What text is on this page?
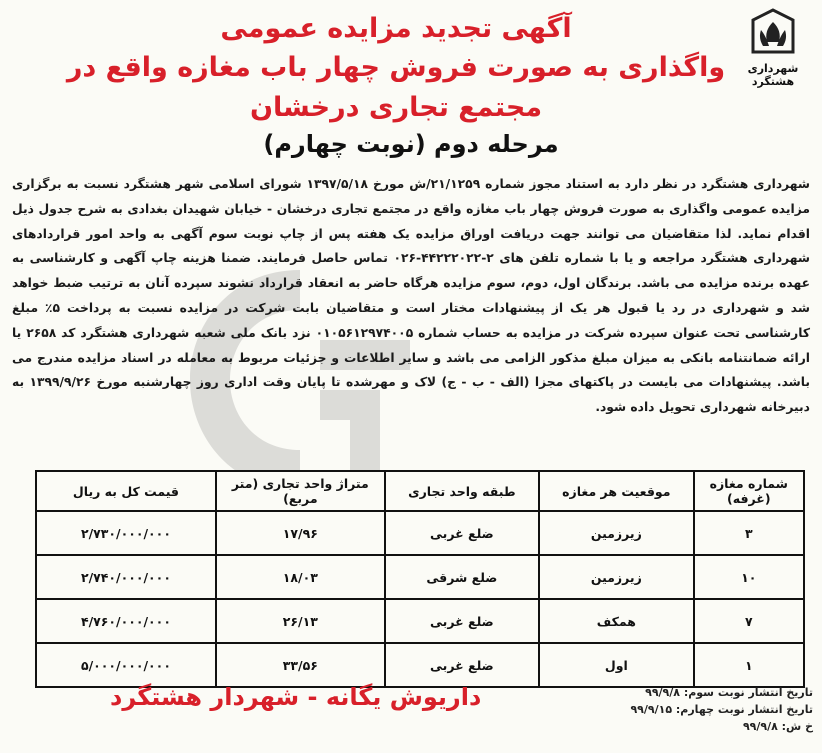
شهرداری هشتگرد
آگهی تجدید مزایده عمومی
واگذاری به صورت فروش چهار باب مغازه واقع در مجتمع تجاری درخشان
مرحله دوم (نوبت چهارم)
شهرداری هشتگرد در نظر دارد به استناد مجوز شماره ۲۱/۱۲۵۹/ش مورخ ۱۳۹۷/۵/۱۸ شورای اسلامی شهر هشتگرد نسبت به برگزاری مزایده عمومی واگذاری به صورت فروش چهار باب مغازه واقع در مجتمع تجاری درخشان - خیابان شهیدان بغدادی به شرح جدول ذیل اقدام نماید. لذا متقاضیان می توانند جهت دریافت اوراق مزایده یک هفته پس از چاپ نوبت سوم آگهی به واحد امور قراردادهای شهرداری هشتگرد مراجعه و یا با شماره تلفن های ۲-۴۴۲۲۲۰۲۲-۰۲۶ تماس حاصل فرمایند. ضمنا هزینه چاپ آگهی و کارشناسی به عهده برنده مزایده می باشد. برندگان اول، دوم، سوم مزایده هرگاه حاضر به انعقاد قرارداد نشوند سپرده آنان به ترتیب ضبط خواهد شد و شهرداری در رد یا قبول هر یک از پیشنهادات مختار است و متقاضیان بابت شرکت در مزایده نسبت به پرداخت ۵٪ مبلغ کارشناسی تحت عنوان سپرده شرکت در مزایده به حساب شماره ۰۱۰۵۶۱۲۹۷۴۰۰۵ نزد بانک ملی شعبه شهرداری هشتگرد کد ۲۶۵۸ یا ارائه ضمانتنامه بانکی به میزان مبلغ مذکور الزامی می باشد و سایر اطلاعات و جزئیات مربوط به معامله در اسناد مزایده مندرج می باشد. پیشنهادات می بایست در پاکتهای مجزا (الف - ب - ج) لاک و مهرشده تا پایان وقت اداری روز چهارشنبه مورخ ۱۳۹۹/۹/۲۶ به دبیرخانه شهرداری تحویل داده شود.
شماره مغازه (غرفه)	موقعیت هر مغازه	طبقه واحد تجاری	متراژ واحد تجاری (متر مربع)	قیمت کل به ریال
۳	زیرزمین	ضلع غربی	۱۷/۹۶	۲/۷۳۰/۰۰۰/۰۰۰
۱۰	زیرزمین	ضلع شرقی	۱۸/۰۳	۲/۷۴۰/۰۰۰/۰۰۰
۷	همکف	ضلع غربی	۲۶/۱۳	۴/۷۶۰/۰۰۰/۰۰۰
۱	اول	ضلع غربی	۳۳/۵۶	۵/۰۰۰/۰۰۰/۰۰۰
داریوش یگانه - شهردار هشتگرد	تاریخ انتشار نوبت سوم: ۹۹/۹/۸
تاریخ انتشار نوبت چهارم: ۹۹/۹/۱۵
خ ش: ۹۹/۹/۸
